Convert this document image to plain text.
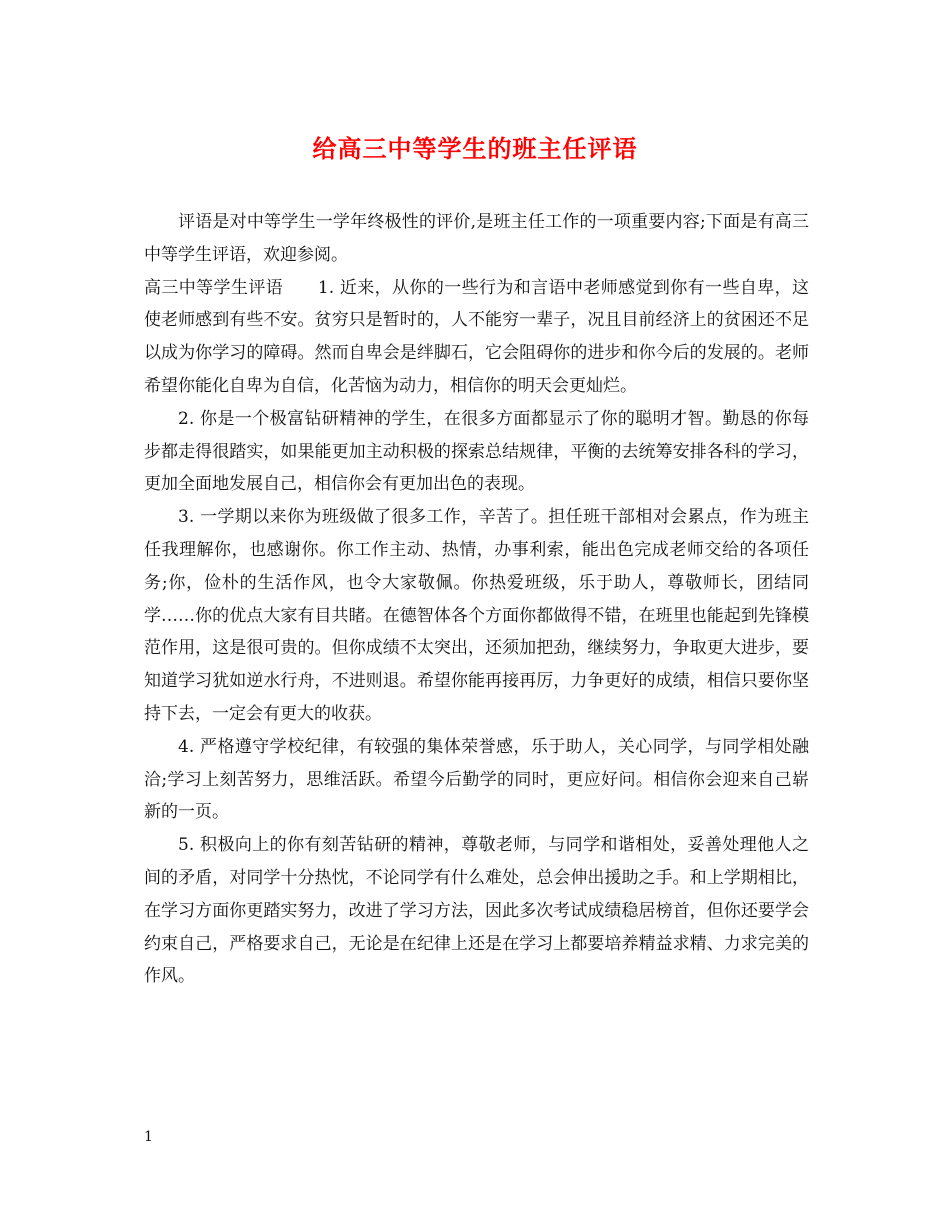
给高三中等学生的班主任评语

评语是对中等学生一学年终极性的评价,是班主任工作的一项重要内容;下面是有高三中等学生评语，欢迎参阅。

高三中等学生评语　　1. 近来，从你的一些行为和言语中老师感觉到你有一些自卑，这使老师感到有些不安。贫穷只是暂时的，人不能穷一辈子，况且目前经济上的贫困还不足以成为你学习的障碍。然而自卑会是绊脚石，它会阻碍你的进步和你今后的发展的。老师希望你能化自卑为自信，化苦恼为动力，相信你的明天会更灿烂。

2. 你是一个极富钻研精神的学生，在很多方面都显示了你的聪明才智。勤恳的你每步都走得很踏实，如果能更加主动积极的探索总结规律，平衡的去统筹安排各科的学习，更加全面地发展自己，相信你会有更加出色的表现。

3. 一学期以来你为班级做了很多工作，辛苦了。担任班干部相对会累点，作为班主任我理解你，也感谢你。你工作主动、热情，办事利索，能出色完成老师交给的各项任务;你，俭朴的生活作风，也令大家敬佩。你热爱班级，乐于助人，尊敬师长，团结同学……你的优点大家有目共睹。在德智体各个方面你都做得不错，在班里也能起到先锋模范作用，这是很可贵的。但你成绩不太突出，还须加把劲，继续努力，争取更大进步，要知道学习犹如逆水行舟，不进则退。希望你能再接再厉，力争更好的成绩，相信只要你坚持下去，一定会有更大的收获。

4. 严格遵守学校纪律，有较强的集体荣誉感，乐于助人，关心同学，与同学相处融洽;学习上刻苦努力，思维活跃。希望今后勤学的同时，更应好问。相信你会迎来自己崭新的一页。

5. 积极向上的你有刻苦钻研的精神，尊敬老师，与同学和谐相处，妥善处理他人之间的矛盾，对同学十分热忱，不论同学有什么难处，总会伸出援助之手。和上学期相比，在学习方面你更踏实努力，改进了学习方法，因此多次考试成绩稳居榜首，但你还要学会约束自己，严格要求自己，无论是在纪律上还是在学习上都要培养精益求精、力求完美的作风。

1
